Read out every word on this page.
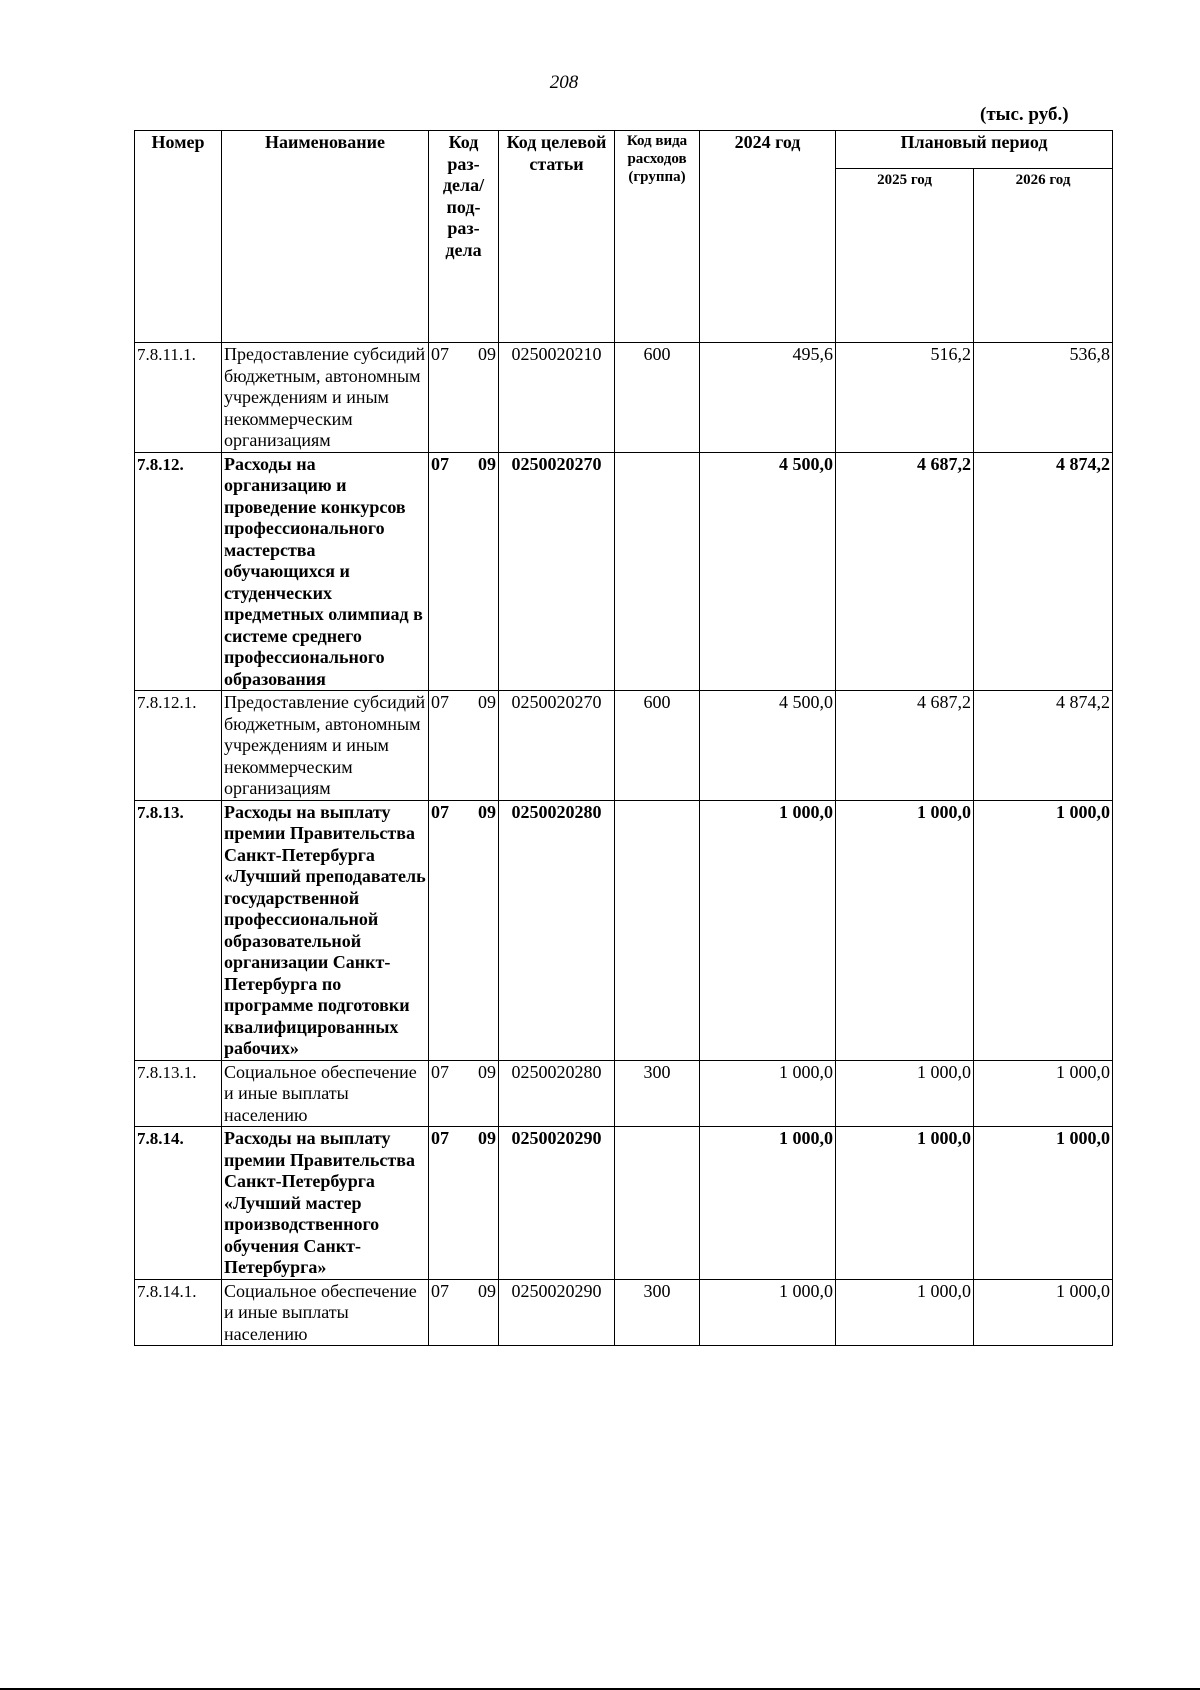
208
(тыс. руб.)
Номер	Наименование	Код раз-дела/ под-раз-дела	Код целевой статьи	Код вида расходов (группа)	2024 год	Плановый период	
						2025 год	2026 год
7.8.11.1.	Предоставление субсидий бюджетным, автономным учреждениям и иным некоммерческим организациям	07 09	0250020210	600	495,6	516,2	536,8
7.8.12.	Расходы на организацию и проведение конкурсов профессионального мастерства обучающихся и студенческих предметных олимпиад в системе среднего профессионального образования	07 09	0250020270		4 500,0	4 687,2	4 874,2
7.8.12.1.	Предоставление субсидий бюджетным, автономным учреждениям и иным некоммерческим организациям	07 09	0250020270	600	4 500,0	4 687,2	4 874,2
7.8.13.	Расходы на выплату премии Правительства Санкт-Петербурга «Лучший преподаватель государственной профессиональной образовательной организации Санкт-Петербурга по программе подготовки квалифицированных рабочих»	07 09	0250020280		1 000,0	1 000,0	1 000,0
7.8.13.1.	Социальное обеспечение и иные выплаты населению	07 09	0250020280	300	1 000,0	1 000,0	1 000,0
7.8.14.	Расходы на выплату премии Правительства Санкт-Петербурга «Лучший мастер производственного обучения Санкт-Петербурга»	07 09	0250020290		1 000,0	1 000,0	1 000,0
7.8.14.1.	Социальное обеспечение и иные выплаты населению	07 09	0250020290	300	1 000,0	1 000,0	1 000,0
